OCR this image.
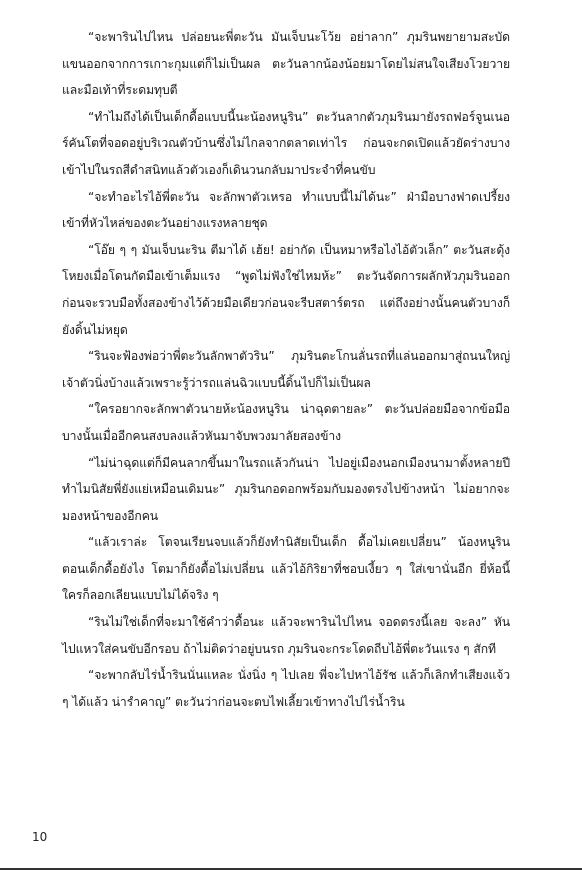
“จะพารินไปไหน ปล่อยนะพี่ตะวัน มันเจ็บนะโว้ย อย่าลาก” ภุมรินพยายามสะบัดแขนออกจากการเกาะกุมแต่ก็ไม่เป็นผล ตะวันลากน้องน้อยมาโดยไม่สนใจเสียงโวยวายและมือเท้าที่ระดมทุบตี

“ทำไมถึงได้เป็นเด็กดื้อแบบนี้นะน้องหนูริน” ตะวันลากตัวภุมรินมายังรถฟอร์จูนเนอร์คันโตที่จอดอยู่บริเวณตัวบ้านซึ่งไม่ไกลจากตลาดเท่าไร ก่อนจะกดเปิดแล้วยัดร่างบางเข้าไปในรถสีดำสนิทแล้วตัวเองก็เดินวนกลับมาประจำที่คนขับ

“จะทำอะไรไอ้พี่ตะวัน จะลักพาตัวเหรอ ทำแบบนี้ไม่ได้นะ” ฝ่ามือบางฟาดเปรี้ยงเข้าที่หัวไหล่ของตะวันอย่างแรงหลายชุด

“โอ๊ย ๆ ๆ มันเจ็บนะริน ตีมาได้ เฮ้ย! อย่ากัด เป็นหมาหรือไงไอ้ตัวเล็ก” ตะวันสะดุ้งโหยงเมื่อโดนกัดมือเข้าเต็มแรง “พูดไม่ฟังใช่ไหมห้ะ” ตะวันจัดการผลักหัวภุมรินออกก่อนจะรวบมือทั้งสองข้างไว้ด้วยมือเดียวก่อนจะรีบสตาร์ตรถ แต่ถึงอย่างนั้นคนตัวบางก็ยังดิ้นไม่หยุด

“รินจะฟ้องพ่อว่าพี่ตะวันลักพาตัวริน” ภุมรินตะโกนลั่นรถที่แล่นออกมาสู่ถนนใหญ่ เจ้าตัวนิ่งบ้างแล้วเพราะรู้ว่ารถแล่นฉิวแบบนี้ดิ้นไปก็ไม่เป็นผล

“ใครอยากจะลักพาตัวนายห้ะน้องหนูริน น่าฉุดตายละ” ตะวันปล่อยมือจากข้อมือบางนั้นเมื่ออีกคนสงบลงแล้วหันมาจับพวงมาลัยสองข้าง

“ไม่น่าฉุดแต่ก็มีคนลากขึ้นมาในรถแล้วกันน่า ไปอยู่เมืองนอกเมืองนามาตั้งหลายปี ทำไมนิสัยพี่ยังแย่เหมือนเดิมนะ” ภุมรินกอดอกพร้อมกับมองตรงไปข้างหน้า ไม่อยากจะมองหน้าของอีกคน

“แล้วเราล่ะ โตจนเรียนจบแล้วก็ยังทำนิสัยเป็นเด็ก ดื้อไม่เคยเปลี่ยน” น้องหนูรินตอนเด็กดื้อยังไง โตมาก็ยังดื้อไม่เปลี่ยน แล้วไอ้กิริยาที่ชอบเงี้ยว ๆ ใส่เขานั่นอีก ยี่ห้อนี้ใครก็ลอกเลียนแบบไม่ได้จริง ๆ

“รินไม่ใช่เด็กที่จะมาใช้คำว่าดื้อนะ แล้วจะพารินไปไหน จอดตรงนี้เลย จะลง” หันไปแหวใส่คนขับอีกรอบ ถ้าไม่ติดว่าอยู่บนรถ ภุมรินจะกระโดดถีบไอ้พี่ตะวันแรง ๆ สักที

“จะพากลับไร่น้ำรินนั่นแหละ นั่งนิ่ง ๆ ไปเลย พี่จะไปหาไอ้รัช แล้วก็เลิกทำเสียงแจ้ว ๆ ได้แล้ว น่ารำคาญ” ตะวันว่าก่อนจะตบไฟเลี้ยวเข้าทางไปไร่น้ำริน

10
